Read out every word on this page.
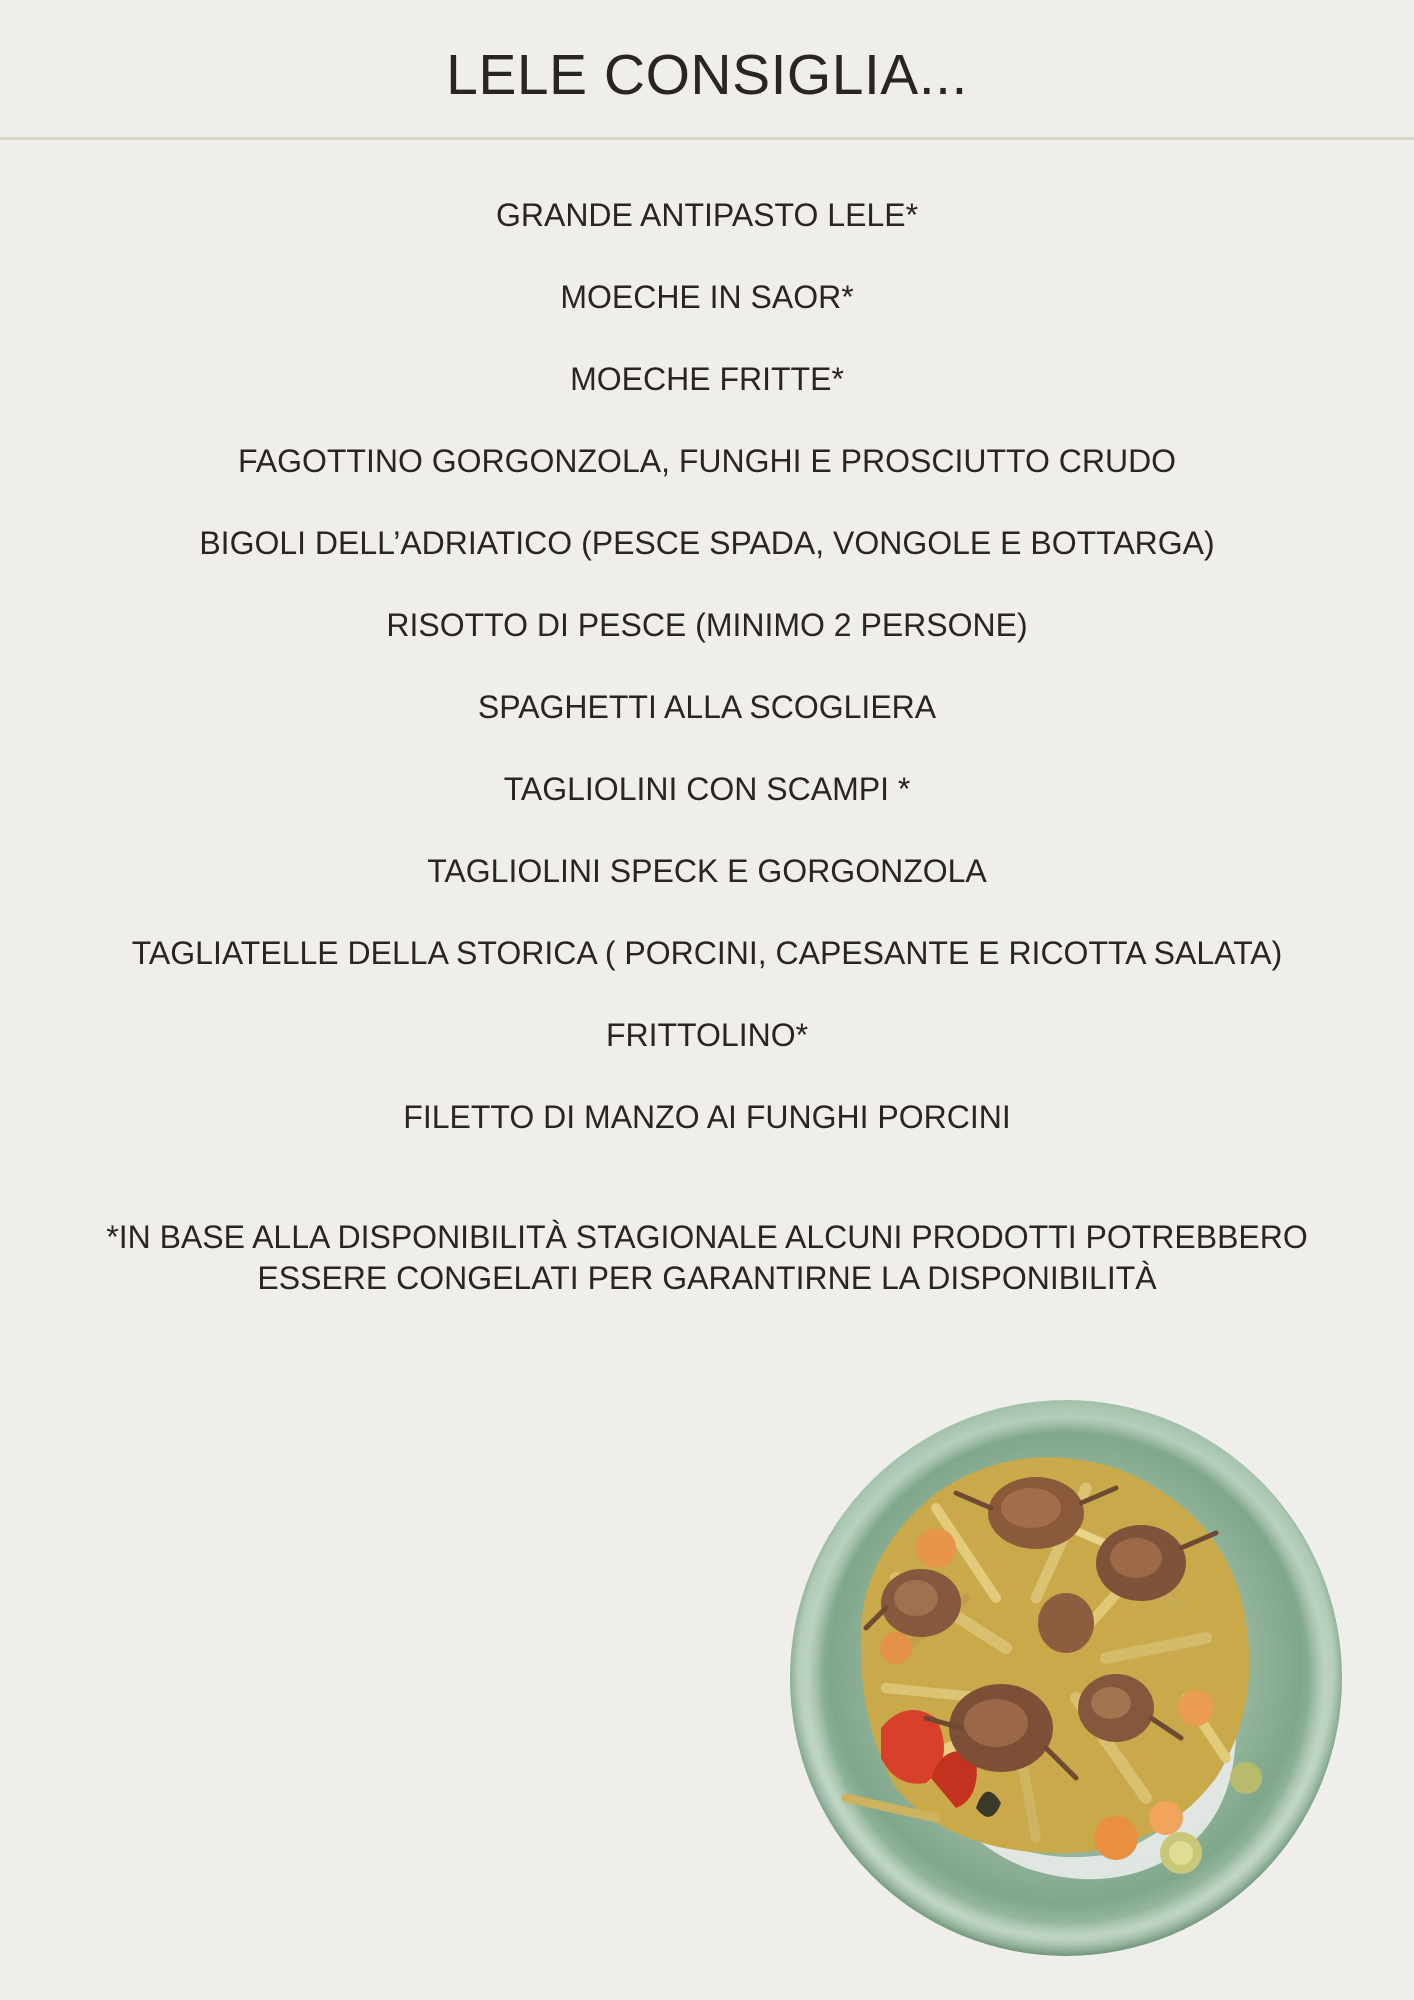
LELE CONSIGLIA...
GRANDE ANTIPASTO LELE*
MOECHE IN SAOR*
MOECHE FRITTE*
FAGOTTINO GORGONZOLA, FUNGHI E PROSCIUTTO CRUDO
BIGOLI DELL’ADRIATICO (PESCE SPADA, VONGOLE E BOTTARGA)
RISOTTO DI PESCE (MINIMO 2 PERSONE)
SPAGHETTI ALLA SCOGLIERA
TAGLIOLINI CON SCAMPI *
TAGLIOLINI SPECK E GORGONZOLA
TAGLIATELLE DELLA STORICA ( PORCINI, CAPESANTE E RICOTTA SALATA)
FRITTOLINO*
FILETTO DI MANZO AI FUNGHI PORCINI
*IN BASE ALLA DISPONIBILITÀ STAGIONALE ALCUNI PRODOTTI POTREBBERO
ESSERE CONGELATI PER GARANTIRNE LA DISPONIBILITÀ
